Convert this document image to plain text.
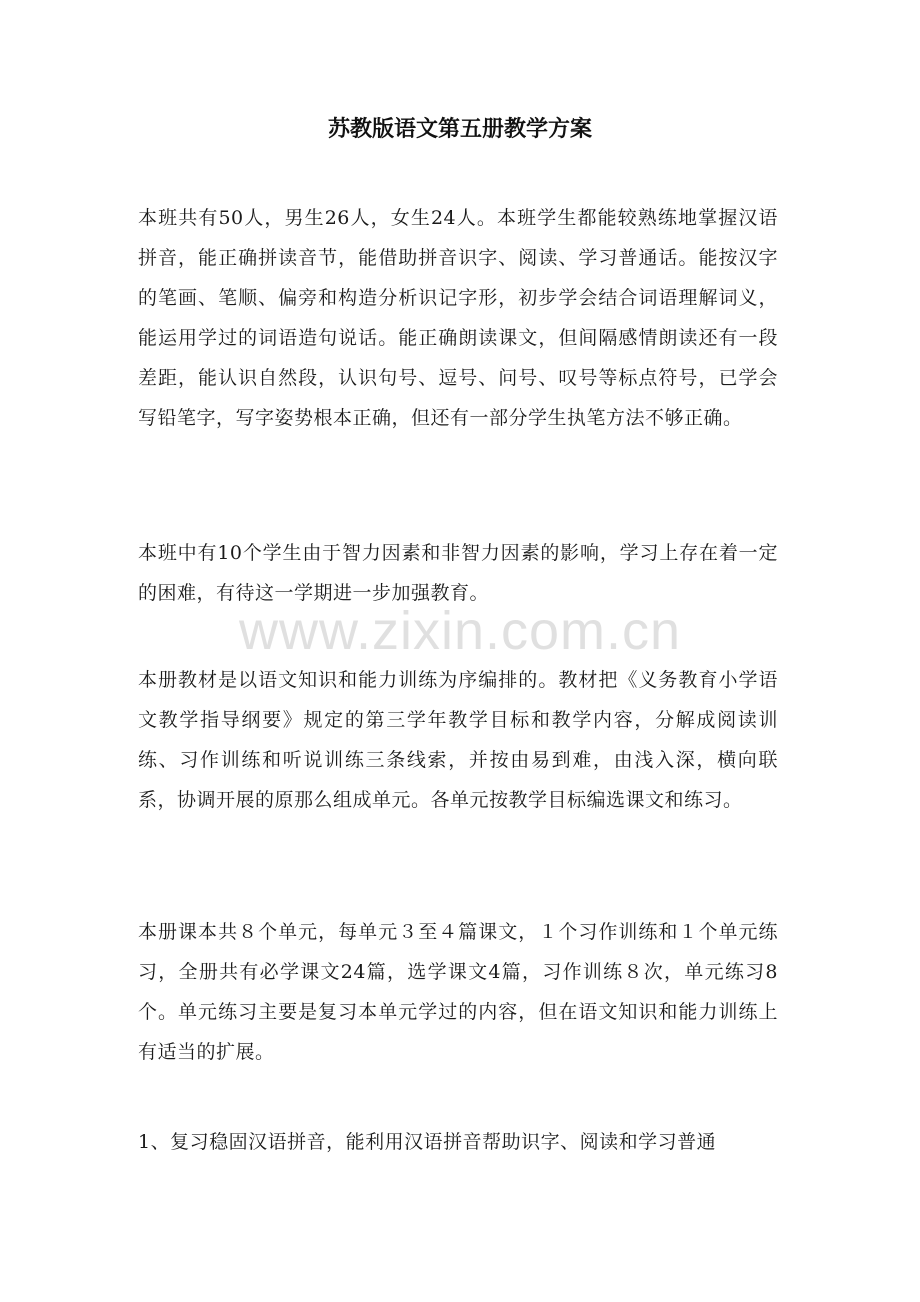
苏教版语文第五册教学方案

本班共有50人，男生26人，女生24人。本班学生都能较熟练地掌握汉语拼音，能正确拼读音节，能借助拼音识字、阅读、学习普通话。能按汉字的笔画、笔顺、偏旁和构造分析识记字形，初步学会结合词语理解词义，能运用学过的词语造句说话。能正确朗读课文，但间隔感情朗读还有一段差距，能认识自然段，认识句号、逗号、问号、叹号等标点符号，已学会写铅笔字，写字姿势根本正确，但还有一部分学生执笔方法不够正确。

本班中有10个学生由于智力因素和非智力因素的影响，学习上存在着一定的困难，有待这一学期进一步加强教育。

本册教材是以语文知识和能力训练为序编排的。教材把《义务教育小学语文教学指导纲要》规定的第三学年教学目标和教学内容，分解成阅读训练、习作训练和听说训练三条线索，并按由易到难，由浅入深，横向联系，协调开展的原那么组成单元。各单元按教学目标编选课文和练习。

本册课本共８个单元，每单元３至４篇课文，１个习作训练和１个单元练习，全册共有必学课文24篇，选学课文4篇，习作训练８次，单元练习8个。单元练习主要是复习本单元学过的内容，但在语文知识和能力训练上有适当的扩展。

1、复习稳固汉语拼音，能利用汉语拼音帮助识字、阅读和学习普通

www.zixin.com.cn
